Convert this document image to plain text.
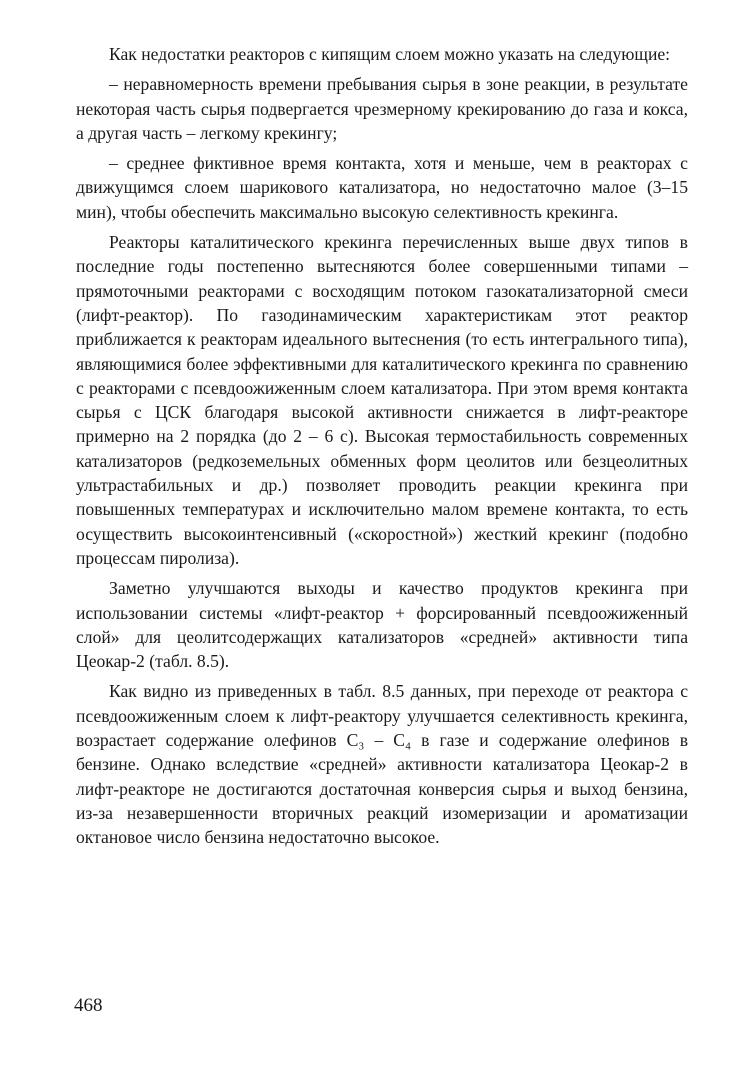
Как недостатки реакторов с кипящим слоем можно указать на следующие:

– неравномерность времени пребывания сырья в зоне реакции, в результате некоторая часть сырья подвергается чрезмерному крекированию до газа и кокса, а другая часть – легкому крекингу;

– среднее фиктивное время контакта, хотя и меньше, чем в реакторах с движущимся слоем шарикового катализатора, но недостаточно малое (3–15 мин), чтобы обеспечить максимально высокую селективность крекинга.

Реакторы каталитического крекинга перечисленных выше двух типов в последние годы постепенно вытесняются более совершенными типами – прямоточными реакторами с восходящим потоком газокатализаторной смеси (лифт-реактор). По газодинамическим характеристикам этот реактор приближается к реакторам идеального вытеснения (то есть интегрального типа), являющимися более эффективными для каталитического крекинга по сравнению с реакторами с псевдоожиженным слоем катализатора. При этом время контакта сырья с ЦСК благодаря высокой активности снижается в лифт-реакторе примерно на 2 порядка (до 2 – 6 с). Высокая термостабильность современных катализаторов (редкоземельных обменных форм цеолитов или безцеолитных ультрастабильных и др.) позволяет проводить реакции крекинга при повышенных температурах и исключительно малом времене контакта, то есть осуществить высокоинтенсивный («скоростной») жесткий крекинг (подобно процессам пиролиза).

Заметно улучшаются выходы и качество продуктов крекинга при использовании системы «лифт-реактор + форсированный псевдоожиженный слой» для цеолитсодержащих катализаторов «средней» активности типа Цеокар-2 (табл. 8.5).

Как видно из приведенных в табл. 8.5 данных, при переходе от реактора с псевдоожиженным слоем к лифт-реактору улучшается селективность крекинга, возрастает содержание олефинов С₃ – С₄ в газе и содержание олефинов в бензине. Однако вследствие «средней» активности катализатора Цеокар-2 в лифт-реакторе не достигаются достаточная конверсия сырья и выход бензина, из-за незавершенности вторичных реакций изомеризации и ароматизации октановое число бензина недостаточно высокое.

468
